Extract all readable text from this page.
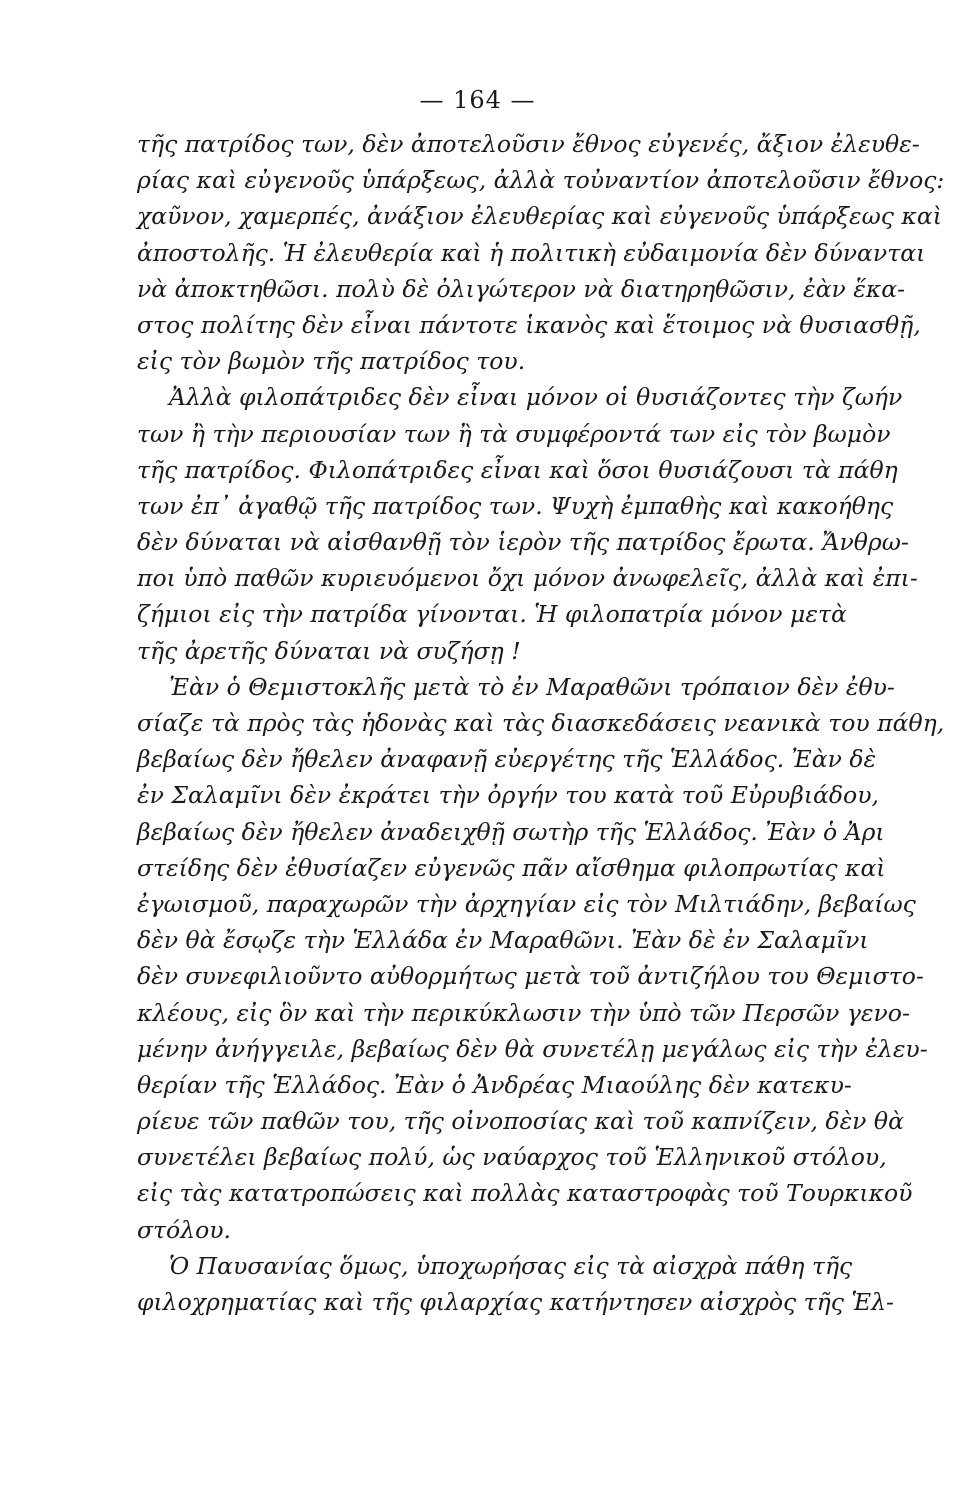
— 164 —
τῆς πατρίδος των, δὲν ἀποτελοῦσιν ἔθνος εὐγενές, ἄξιον ἐλευθε-
ρίας καὶ εὐγενοῦς ὑπάρξεως, ἀλλὰ τοὐναντίον ἀποτελοῦσιν ἔθνος:
χαῦνον, χαμερπές, ἀνάξιον ἐλευθερίας καὶ εὐγενοῦς ὑπάρξεως καὶ
ἀποστολῆς. Ἡ ἐλευθερία καὶ ἡ πολιτικὴ εὐδαιμονία δὲν δύνανται
νὰ ἀποκτηθῶσι. πολὺ δὲ ὀλιγώτερον νὰ διατηρηθῶσιν, ἐὰν ἕκα-
στος πολίτης δὲν εἶναι πάντοτε ἱκανὸς καὶ ἕτοιμος νὰ θυσιασθῇ,
εἰς τὸν βωμὸν τῆς πατρίδος του.
Ἀλλὰ φιλοπάτριδες δὲν εἶναι μόνον οἱ θυσιάζοντες τὴν ζωήν
των ἢ τὴν περιουσίαν των ἢ τὰ συμφέροντά των εἰς τὸν βωμὸν
τῆς πατρίδος. Φιλοπάτριδες εἶναι καὶ ὅσοι θυσιάζουσι τὰ πάθη
των ἐπ᾽ ἀγαθῷ τῆς πατρίδος των. Ψυχὴ ἐμπαθὴς καὶ κακοήθης
δὲν δύναται νὰ αἰσθανθῇ τὸν ἱερὸν τῆς πατρίδος ἔρωτα. Ἄνθρω-
ποι ὑπὸ παθῶν κυριευόμενοι ὄχι μόνον ἀνωφελεῖς, ἀλλὰ καὶ ἐπι-
ζήμιοι εἰς τὴν πατρίδα γίνονται. Ἡ φιλοπατρία μόνον μετὰ
τῆς ἀρετῆς δύναται νὰ συζήσῃ !
Ἐὰν ὁ Θεμιστοκλῆς μετὰ τὸ ἐν Μαραθῶνι τρόπαιον δὲν ἐθυ-
σίαζε τὰ πρὸς τὰς ἡδονὰς καὶ τὰς διασκεδάσεις νεανικὰ του πάθη,
βεβαίως δὲν ἤθελεν ἀναφανῇ εὐεργέτης τῆς Ἑλλάδος. Ἐὰν δὲ
ἐν Σαλαμῖνι δὲν ἐκράτει τὴν ὀργήν του κατὰ τοῦ Εὐρυβιάδου,
βεβαίως δὲν ἤθελεν ἀναδειχθῇ σωτὴρ τῆς Ἑλλάδος. Ἐὰν ὁ Ἀρι
στείδης δὲν ἐθυσίαζεν εὐγενῶς πᾶν αἴσθημα φιλοπρωτίας καὶ
ἐγωισμοῦ, παραχωρῶν τὴν ἀρχηγίαν εἰς τὸν Μιλτιάδην, βεβαίως
δὲν θὰ ἔσῳζε τὴν Ἑλλάδα ἐν Μαραθῶνι. Ἐὰν δὲ ἐν Σαλαμῖνι
δὲν συνεφιλιοῦντο αὐθορμήτως μετὰ τοῦ ἀντιζήλου του Θεμιστο-
κλέους, εἰς ὃν καὶ τὴν περικύκλωσιν τὴν ὑπὸ τῶν Περσῶν γενο-
μένην ἀνήγγειλε, βεβαίως δὲν θὰ συνετέλῃ μεγάλως εἰς τὴν ἐλευ-
θερίαν τῆς Ἑλλάδος. Ἐὰν ὁ Ἀνδρέας Μιαούλης δὲν κατεκυ-
ρίευε τῶν παθῶν του, τῆς οἰνοποσίας καὶ τοῦ καπνίζειν, δὲν θὰ
συνετέλει βεβαίως πολύ, ὡς ναύαρχος τοῦ Ἑλληνικοῦ στόλου,
εἰς τὰς κατατροπώσεις καὶ πολλὰς καταστροφὰς τοῦ Τουρκικοῦ
στόλου.
Ὁ Παυσανίας ὅμως, ὑποχωρήσας εἰς τὰ αἰσχρὰ πάθη τῆς
φιλοχρηματίας καὶ τῆς φιλαρχίας κατήντησεν αἰσχρὸς τῆς Ἑλ-
